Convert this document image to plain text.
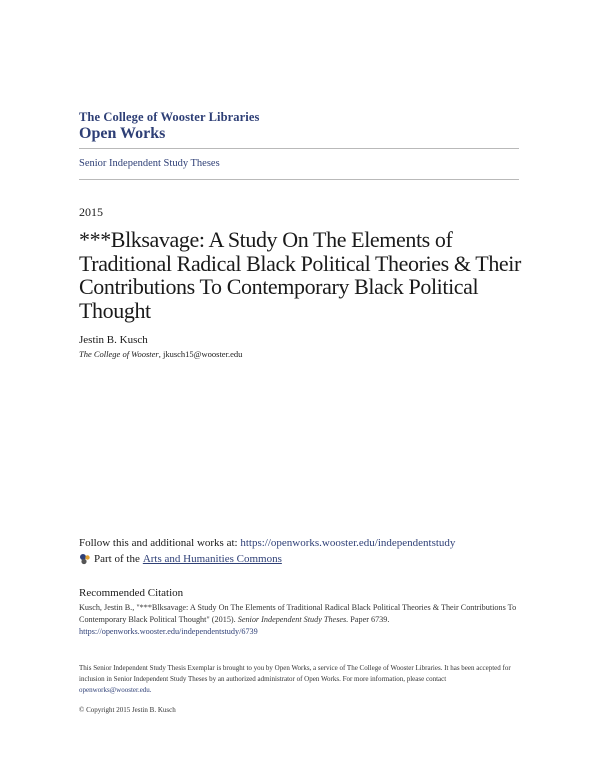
The College of Wooster Libraries
Open Works
Senior Independent Study Theses
2015
***Blksavage: A Study On The Elements of Traditional Radical Black Political Theories & Their Contributions To Contemporary Black Political Thought
Jestin B. Kusch
The College of Wooster, jkusch15@wooster.edu
Follow this and additional works at: https://openworks.wooster.edu/independentstudy
Part of the Arts and Humanities Commons
Recommended Citation
Kusch, Jestin B., "***Blksavage: A Study On The Elements of Traditional Radical Black Political Theories & Their Contributions To Contemporary Black Political Thought" (2015). Senior Independent Study Theses. Paper 6739.
https://openworks.wooster.edu/independentstudy/6739
This Senior Independent Study Thesis Exemplar is brought to you by Open Works, a service of The College of Wooster Libraries. It has been accepted for inclusion in Senior Independent Study Theses by an authorized administrator of Open Works. For more information, please contact
openworks@wooster.edu.
© Copyright 2015 Jestin B. Kusch
